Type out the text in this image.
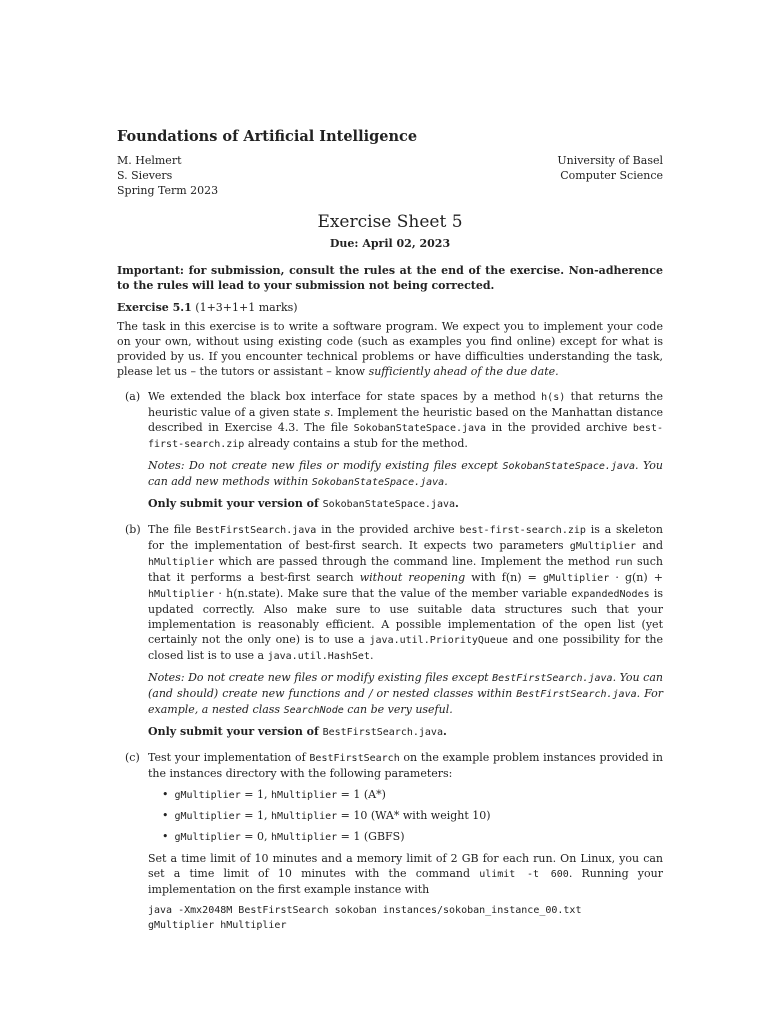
Foundations of Artificial Intelligence
M. Helmert
S. Sievers
Spring Term 2023
University of Basel
Computer Science
Exercise Sheet 5
Due: April 02, 2023
Important: for submission, consult the rules at the end of the exercise. Non-adherence to the rules will lead to your submission not being corrected.
Exercise 5.1 (1+3+1+1 marks)

The task in this exercise is to write a software program. We expect you to implement your code on your own, without using existing code (such as examples you find online) except for what is provided by us. If you encounter technical problems or have difficulties understanding the task, please let us – the tutors or assistant – know sufficiently ahead of the due date.

(a) We extended the black box interface for state spaces by a method h(s) that returns the heuristic value of a given state s. Implement the heuristic based on the Manhattan distance described in Exercise 4.3. The file SokobanStateSpace.java in the provided archive best-first-search.zip already contains a stub for the method.

Notes: Do not create new files or modify existing files except SokobanStateSpace.java. You can add new methods within SokobanStateSpace.java.

Only submit your version of SokobanStateSpace.java.

(b) The file BestFirstSearch.java in the provided archive best-first-search.zip is a skeleton for the implementation of best-first search. It expects two parameters gMultiplier and hMultiplier which are passed through the command line. Implement the method run such that it performs a best-first search without reopening with f(n) = gMultiplier · g(n) + hMultiplier · h(n.state). Make sure that the value of the member variable expandedNodes is updated correctly. Also make sure to use suitable data structures such that your implementation is reasonably efficient. A possible implementation of the open list (yet certainly not the only one) is to use a java.util.PriorityQueue and one possibility for the closed list is to use a java.util.HashSet.

Notes: Do not create new files or modify existing files except BestFirstSearch.java. You can (and should) create new functions and / or nested classes within BestFirstSearch.java. For example, a nested class SearchNode can be very useful.

Only submit your version of BestFirstSearch.java.

(c) Test your implementation of BestFirstSearch on the example problem instances provided in the instances directory with the following parameters:

• gMultiplier = 1, hMultiplier = 1 (A*)
• gMultiplier = 1, hMultiplier = 10 (WA* with weight 10)
• gMultiplier = 0, hMultiplier = 1 (GBFS)

Set a time limit of 10 minutes and a memory limit of 2 GB for each run. On Linux, you can set a time limit of 10 minutes with the command ulimit -t 600. Running your implementation on the first example instance with

java -Xmx2048M BestFirstSearch sokoban instances/sokoban_instance_00.txt
gMultiplier hMultiplier
